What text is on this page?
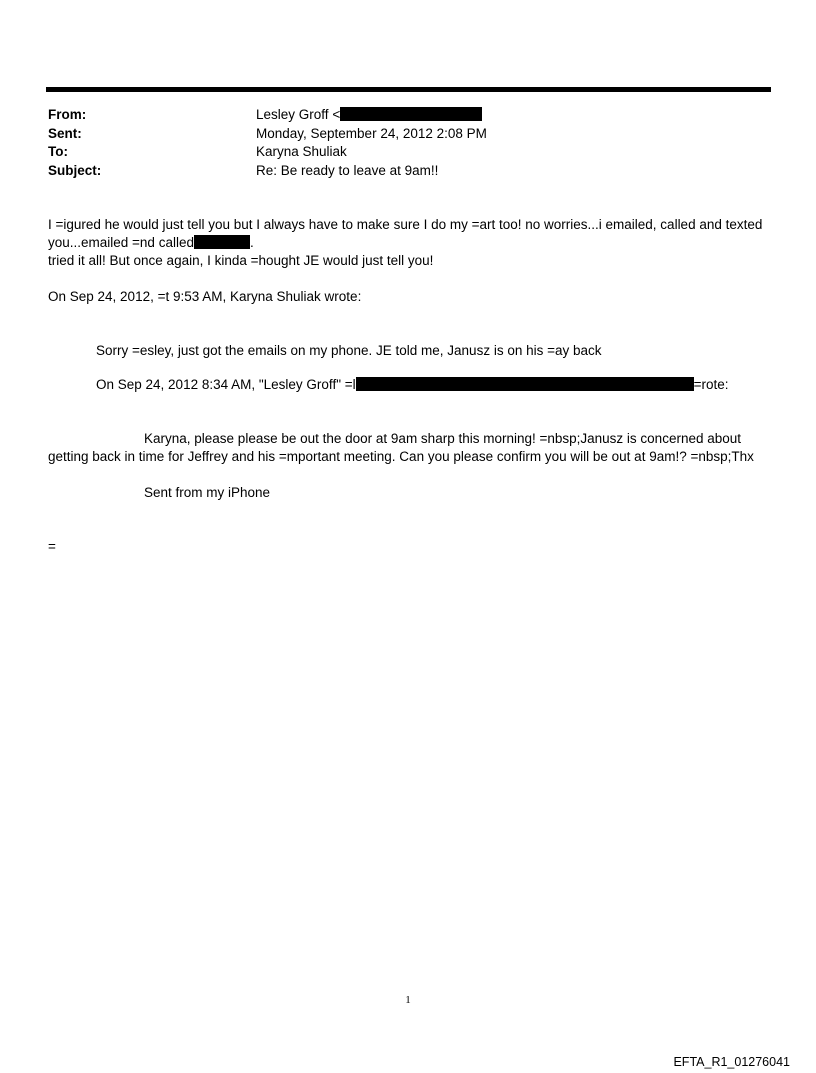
From:	Lesley Groff <
Sent:	Monday, September 24, 2012 2:08 PM
To:	Karyna Shuliak
Subject:	Re: Be ready to leave at 9am!!
I =igured he would just tell you but I always have to make sure I do my =art too! no worries...i emailed, called and texted
you...emailed =nd called	.
tried it all! But once again, I kinda =hought JE would just tell you!
On Sep 24, 2012, =t 9:53 AM, Karyna Shuliak wrote:
Sorry =esley, just got the emails on my phone. JE told me, Janusz is on his =ay back
On Sep 24, 2012 8:34 AM, "Lesley Groff" =l	=rote:
Karyna, please please be out the door at 9am sharp this morning! =nbsp;Janusz is concerned about
getting back in time for Jeffrey and his =mportant meeting. Can you please confirm you will be out at 9am!? =nbsp;Thx
Sent from my iPhone
=
1
EFTA_R1_01276041
